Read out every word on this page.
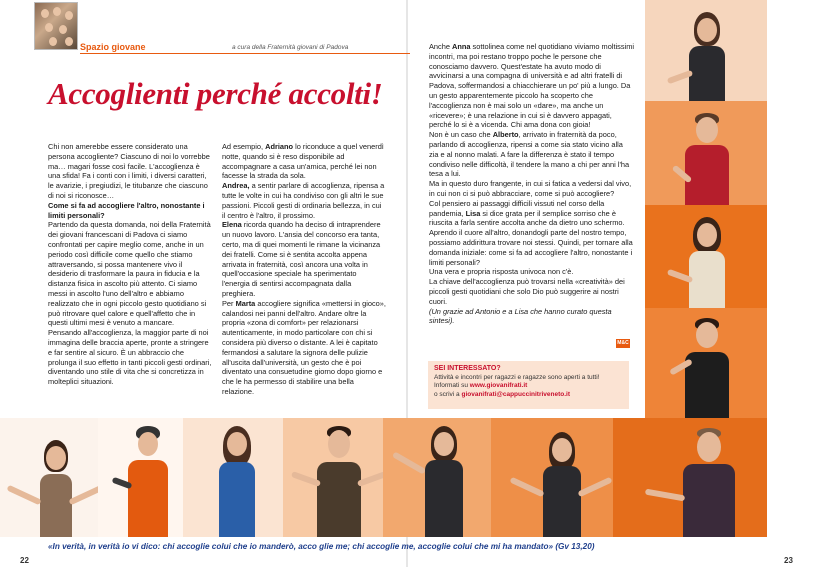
Spazio giovane	a cura della Fraternità giovani di Padova
Accoglienti perché accolti!

Chi non amerebbe essere considerato una persona accogliente? Ciascuno di noi lo vorrebbe ma… magari fosse così facile. L'accoglienza è una sfida! Fa i conti con i limiti, i diversi caratteri, le avarizie, i pregiudizi, le titubanze che ciascuno di noi si riconosce…

Come si fa ad accogliere l'altro, nonostante i limiti personali?

Partendo da questa domanda, noi della Fraternità dei giovani francescani di Padova ci siamo confrontati per capire meglio come, anche in un periodo così difficile come quello che stiamo attraversando, si possa mantenere vivo il desiderio di trasformare la paura in fiducia e la distanza fisica in ascolto più attento. Ci siamo messi in ascolto l'uno dell'altro e abbiamo realizzato che in ogni piccolo gesto quotidiano si può ritrovare quel calore e quell'affetto che in questi ultimi mesi è venuto a mancare.

Pensando all'accoglienza, la maggior parte di noi immagina delle braccia aperte, pronte a stringere e far sentire al sicuro. È un abbraccio che prolunga il suo effetto in tanti piccoli gesti ordinari, diventando uno stile di vita che si concretizza in molteplici situazioni.

Ad esempio, Adriano lo riconduce a quel venerdì notte, quando si è reso disponibile ad accompagnare a casa un'amica, perché lei non facesse la strada da sola.

Andrea, a sentir parlare di accoglienza, ripensa a tutte le volte in cui ha condiviso con gli altri le sue passioni. Piccoli gesti di ordinaria bellezza, in cui il centro è l'altro, il prossimo.

Elena ricorda quando ha deciso di intraprendere un nuovo lavoro. L'ansia del concorso era tanta, certo, ma di quei momenti le rimane la vicinanza dei fratelli. Come si è sentita accolta appena arrivata in fraternità, così ancora una volta in quell'occasione speciale ha sperimentato l'energia di sentirsi accompagnata dalla preghiera.

Per Marta accogliere significa «mettersi in gioco», calandosi nei panni dell'altro. Andare oltre la propria «zona di comfort» per relazionarsi autenticamente, in modo particolare con chi si considera più diverso o distante. A lei è capitato fermandosi a salutare la signora delle pulizie all'uscita dall'università, un gesto che è poi diventato una consuetudine giorno dopo giorno e che le ha permesso di stabilire una bella relazione.

Anche Anna sottolinea come nel quotidiano viviamo moltissimi incontri, ma poi restano troppo poche le persone che conosciamo davvero. Quest'estate ha avuto modo di avvicinarsi a una compagna di università e ad altri fratelli di Padova, soffermandosi a chiacchierare un po' più a lungo. Da un gesto apparentemente piccolo ha scoperto che l'accoglienza non è mai solo un «dare», ma anche un «ricevere»; è una relazione in cui si è davvero appagati, perché lo si è a vicenda. Chi ama dona con gioia!

Non è un caso che Alberto, arrivato in fraternità da poco, parlando di accoglienza, ripensi a come sia stato vicino alla zia e al nonno malati. A fare la differenza è stato il tempo condiviso nelle difficoltà, il tendere la mano a chi per anni l'ha tesa a lui.

Ma in questo duro frangente, in cui si fatica a vedersi dal vivo, in cui non ci si può abbracciare, come si può accogliere?

Col pensiero ai passaggi difficili vissuti nel corso della pandemia, Lisa si dice grata per il semplice sorriso che è riuscita a farla sentire accolta anche da dietro uno schermo. Aprendo il cuore all'altro, donandogli parte del nostro tempo, possiamo addirittura trovare noi stessi. Quindi, per tornare alla domanda iniziale: come si fa ad accogliere l'altro, nonostante i limiti personali?

Una vera e propria risposta univoca non c'è.

La chiave dell'accoglienza può trovarsi nella «creatività» dei piccoli gesti quotidiani che solo Dio può suggerire ai nostri cuori.

(Un grazie ad Antonio e a Lisa che hanno curato questa sintesi).

M&C
SEI INTERESSATO?
Attività e incontri per ragazzi e ragazze sono aperti a tutti! Informati su www.giovanifrati.it
o scrivi a giovanifrati@cappuccinitriveneto.it
«In verità, in verità io vi dico: chi accoglie colui che io manderò, acco glie me; chi accoglie me, accoglie colui che mi ha mandato» (Gv 13,20)
22	23
